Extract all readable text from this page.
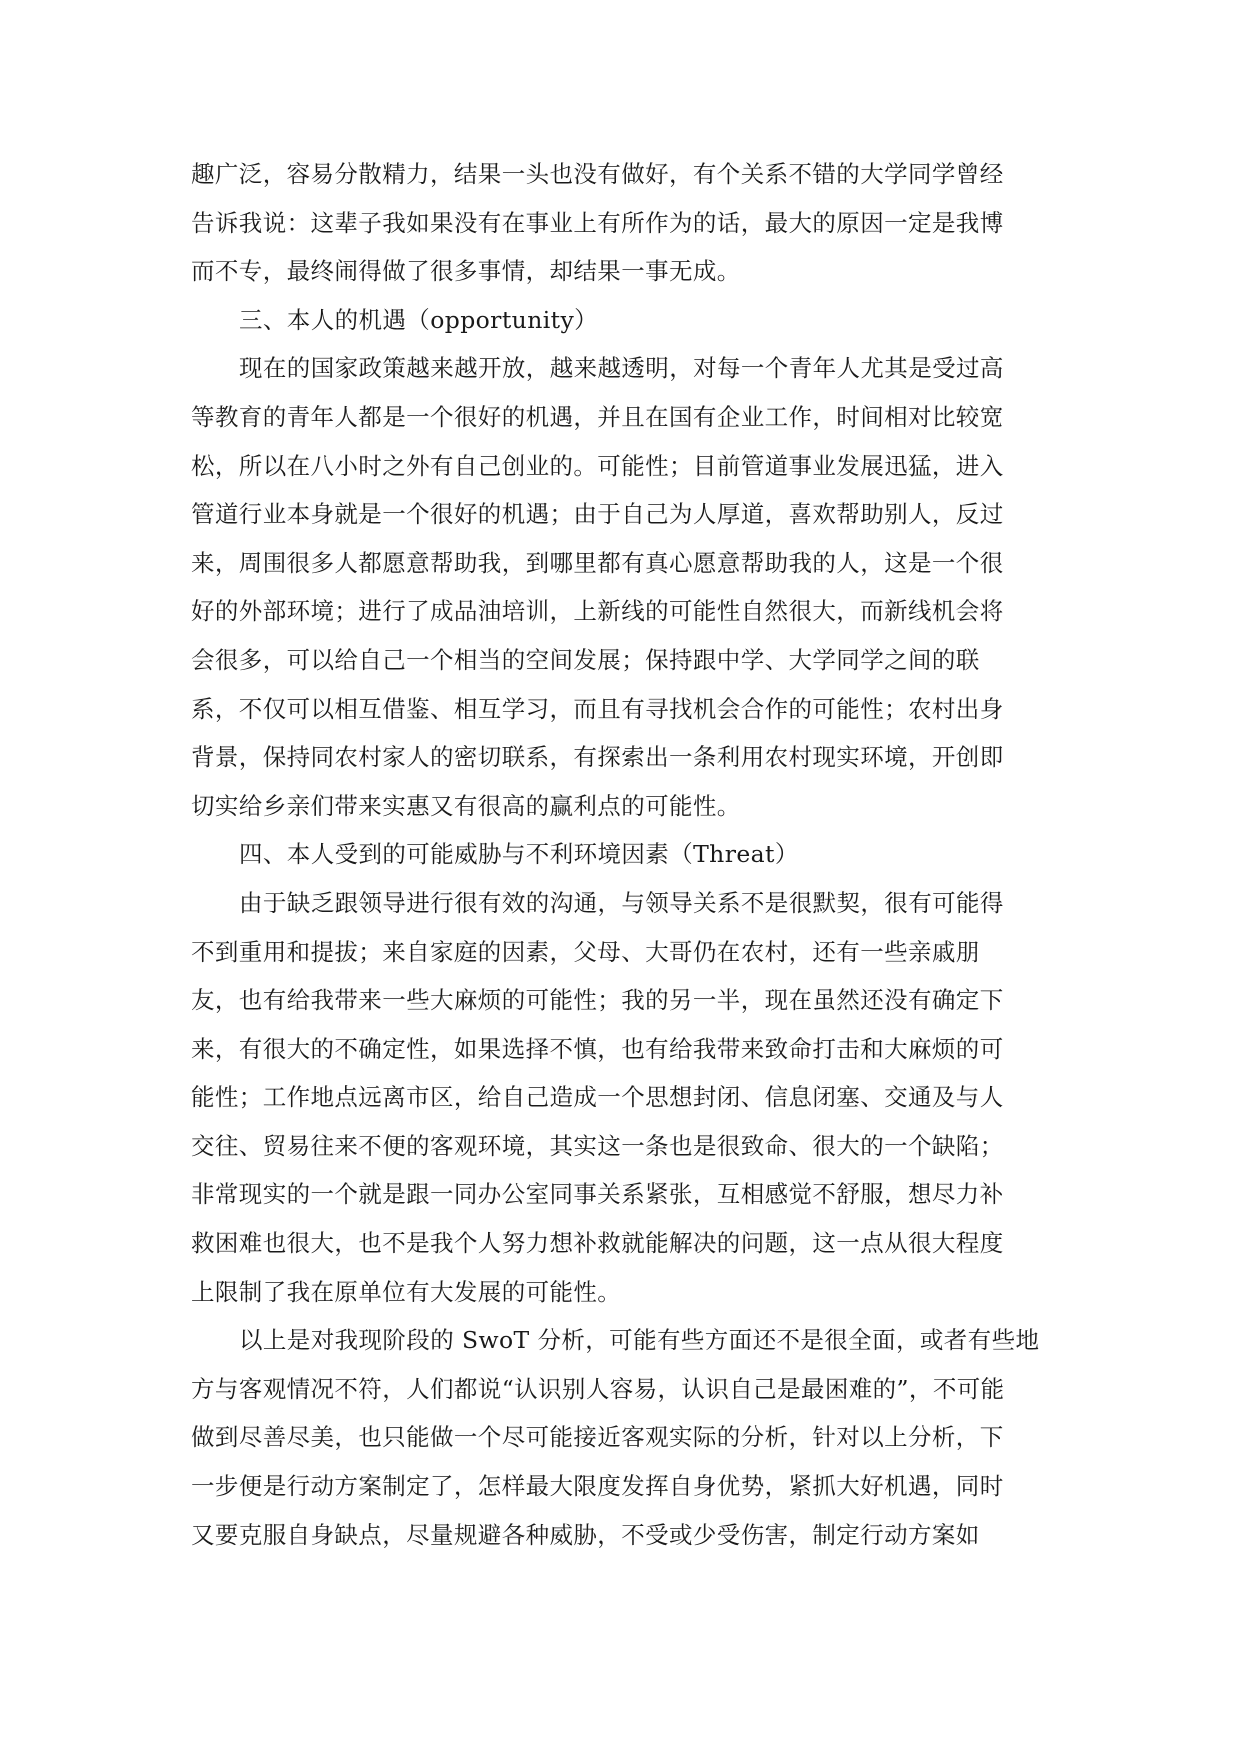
趣广泛，容易分散精力，结果一头也没有做好，有个关系不错的大学同学曾经
告诉我说：这辈子我如果没有在事业上有所作为的话，最大的原因一定是我博
而不专，最终闹得做了很多事情，却结果一事无成。
三、本人的机遇（opportunity）
现在的国家政策越来越开放，越来越透明，对每一个青年人尤其是受过高
等教育的青年人都是一个很好的机遇，并且在国有企业工作，时间相对比较宽
松，所以在八小时之外有自己创业的。可能性；目前管道事业发展迅猛，进入
管道行业本身就是一个很好的机遇；由于自己为人厚道，喜欢帮助别人，反过
来，周围很多人都愿意帮助我，到哪里都有真心愿意帮助我的人，这是一个很
好的外部环境；进行了成品油培训，上新线的可能性自然很大，而新线机会将
会很多，可以给自己一个相当的空间发展；保持跟中学、大学同学之间的联
系，不仅可以相互借鉴、相互学习，而且有寻找机会合作的可能性；农村出身
背景，保持同农村家人的密切联系，有探索出一条利用农村现实环境，开创即
切实给乡亲们带来实惠又有很高的赢利点的可能性。
四、本人受到的可能威胁与不利环境因素（Threat）
由于缺乏跟领导进行很有效的沟通，与领导关系不是很默契，很有可能得
不到重用和提拔；来自家庭的因素，父母、大哥仍在农村，还有一些亲戚朋
友，也有给我带来一些大麻烦的可能性；我的另一半，现在虽然还没有确定下
来，有很大的不确定性，如果选择不慎，也有给我带来致命打击和大麻烦的可
能性；工作地点远离市区，给自己造成一个思想封闭、信息闭塞、交通及与人
交往、贸易往来不便的客观环境，其实这一条也是很致命、很大的一个缺陷；
非常现实的一个就是跟一同办公室同事关系紧张，互相感觉不舒服，想尽力补
救困难也很大，也不是我个人努力想补救就能解决的问题，这一点从很大程度
上限制了我在原单位有大发展的可能性。
以上是对我现阶段的 SwoT 分析，可能有些方面还不是很全面，或者有些地
方与客观情况不符，人们都说“认识别人容易，认识自己是最困难的”，不可能
做到尽善尽美，也只能做一个尽可能接近客观实际的分析，针对以上分析，下
一步便是行动方案制定了，怎样最大限度发挥自身优势，紧抓大好机遇，同时
又要克服自身缺点，尽量规避各种威胁，不受或少受伤害，制定行动方案如
